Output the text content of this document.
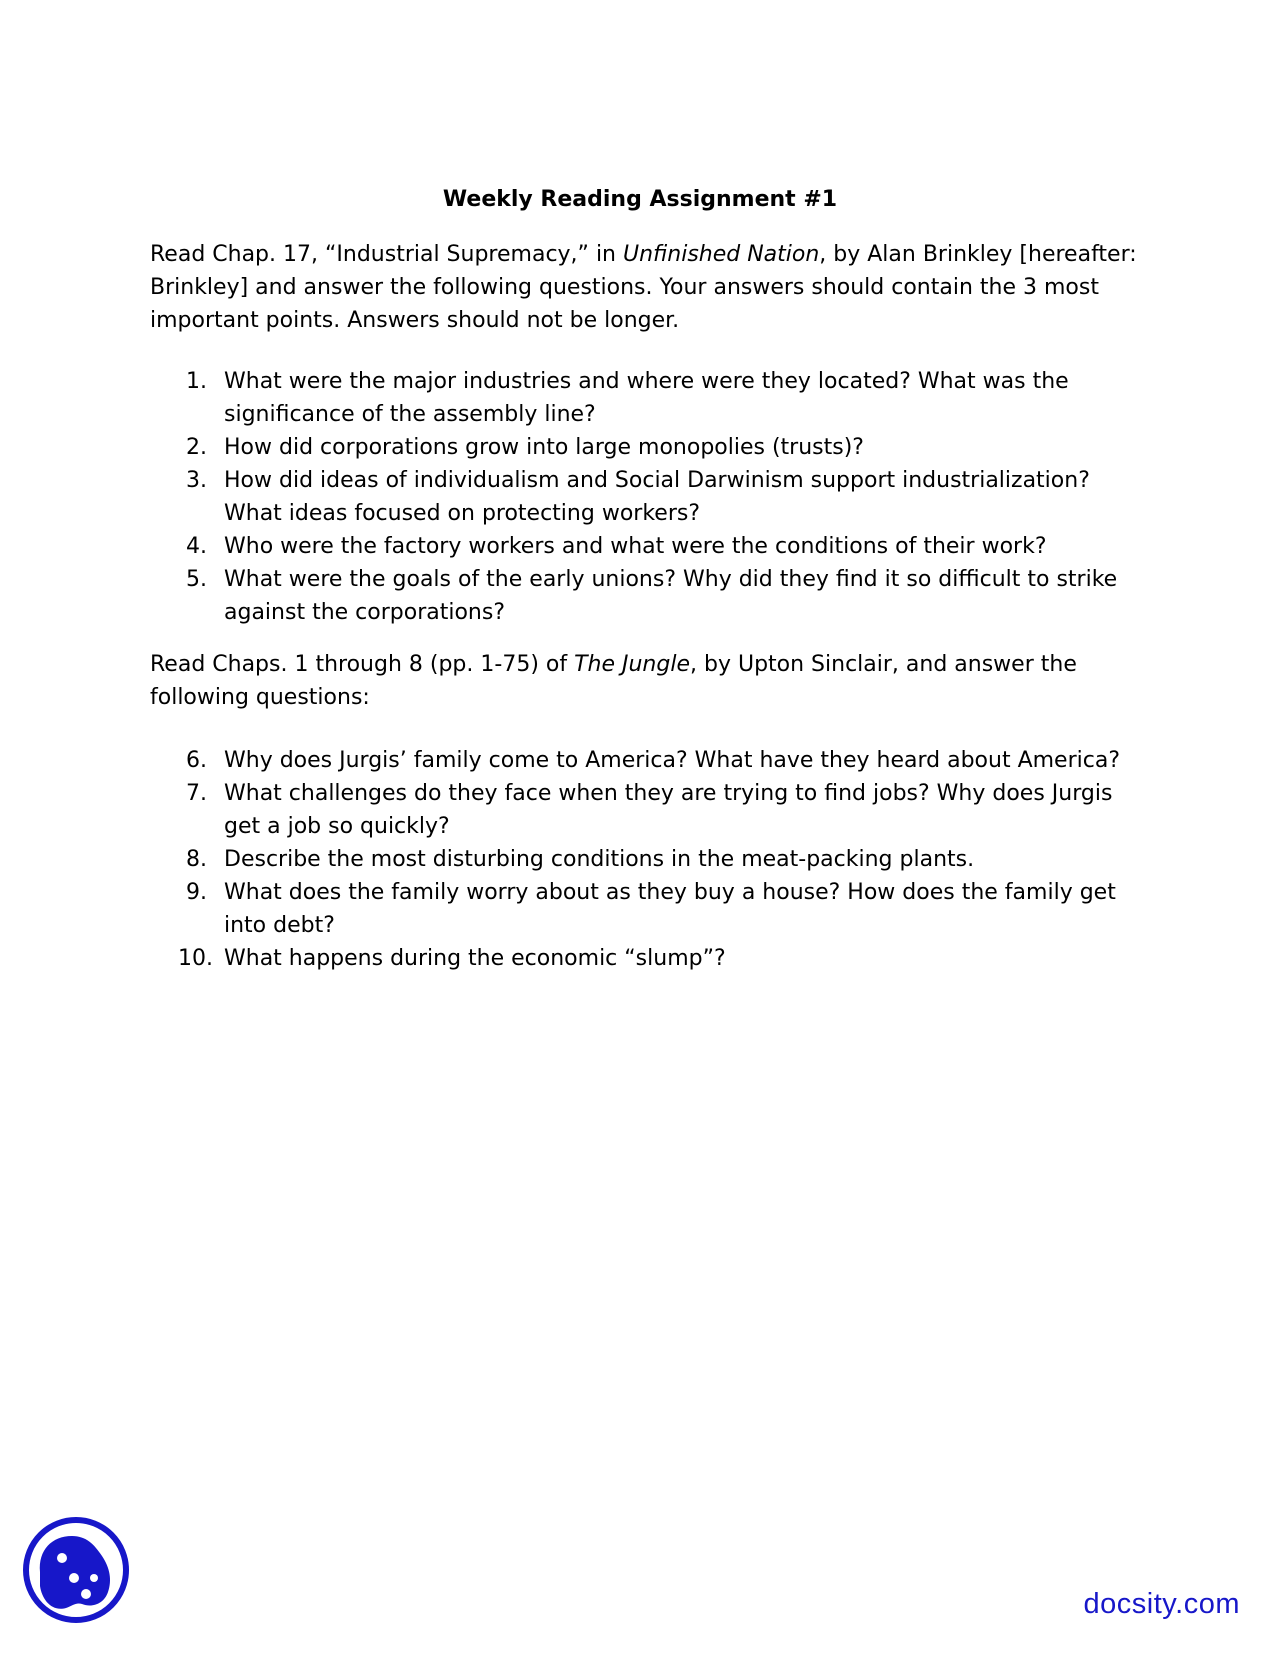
Weekly Reading Assignment #1

Read Chap. 17, “Industrial Supremacy,” in Unfinished Nation, by Alan Brinkley [hereafter: Brinkley] and answer the following questions. Your answers should contain the 3 most important points. Answers should not be longer.

1. What were the major industries and where were they located? What was the significance of the assembly line?
2. How did corporations grow into large monopolies (trusts)?
3. How did ideas of individualism and Social Darwinism support industrialization? What ideas focused on protecting workers?
4. Who were the factory workers and what were the conditions of their work?
5. What were the goals of the early unions? Why did they find it so difficult to strike against the corporations?

Read Chaps. 1 through 8 (pp. 1-75) of The Jungle, by Upton Sinclair, and answer the following questions:

6. Why does Jurgis’ family come to America? What have they heard about America?
7. What challenges do they face when they are trying to find jobs? Why does Jurgis get a job so quickly?
8. Describe the most disturbing conditions in the meat-packing plants.
9. What does the family worry about as they buy a house? How does the family get into debt?
10. What happens during the economic “slump”?
docsity.com
